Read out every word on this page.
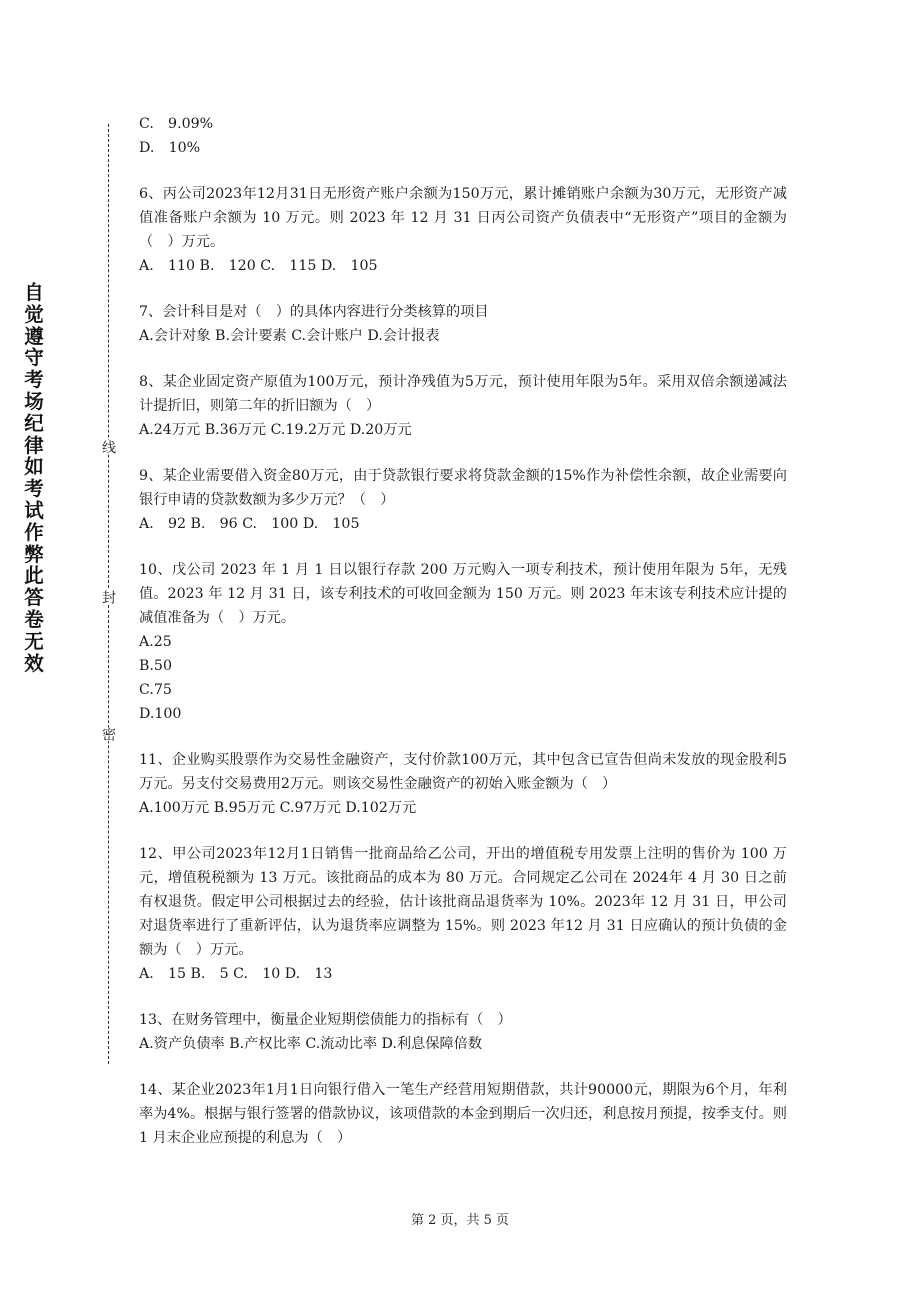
自
觉
遵
守
考
场
纪
律
如
考
试
作
弊
此
答
卷
无
效
线
封
密
C.　9.09%
D.　10%
6、丙公司2023年12月31日无形资产账户余额为150万元，累计摊销账户余额为30万元，无形资产减值准备账户余额为 10 万元。则 2023 年 12 月 31 日丙公司资产负债表中“无形资产”项目的金额为（　）万元。
A.　110 B.　120 C.　115 D.　105
7、会计科目是对（　）的具体内容进行分类核算的项目
A.会计对象 B.会计要素 C.会计账户 D.会计报表
8、某企业固定资产原值为100万元，预计净残值为5万元，预计使用年限为5年。采用双倍余额递减法计提折旧，则第二年的折旧额为（　）
A.24万元 B.36万元 C.19.2万元 D.20万元
9、某企业需要借入资金80万元，由于贷款银行要求将贷款金额的15%作为补偿性余额，故企业需要向银行申请的贷款数额为多少万元？（　）
A.　92 B.　96 C.　100 D.　105
10、戊公司 2023 年 1 月 1 日以银行存款 200 万元购入一项专利技术，预计使用年限为 5年，无残值。2023 年 12 月 31 日，该专利技术的可收回金额为 150 万元。则 2023 年末该专利技术应计提的减值准备为（　）万元。
A.25
B.50
C.75
D.100
11、企业购买股票作为交易性金融资产，支付价款100万元，其中包含已宣告但尚未发放的现金股利5万元。另支付交易费用2万元。则该交易性金融资产的初始入账金额为（　）
A.100万元 B.95万元 C.97万元 D.102万元
12、甲公司2023年12月1日销售一批商品给乙公司，开出的增值税专用发票上注明的售价为 100 万元，增值税税额为 13 万元。该批商品的成本为 80 万元。合同规定乙公司在 2024年 4 月 30 日之前有权退货。假定甲公司根据过去的经验，估计该批商品退货率为 10%。2023年 12 月 31 日，甲公司对退货率进行了重新评估，认为退货率应调整为 15%。则 2023 年12 月 31 日应确认的预计负债的金额为（　）万元。
A.　15 B.　5 C.　10 D.　13
13、在财务管理中，衡量企业短期偿债能力的指标有（　）
A.资产负债率 B.产权比率 C.流动比率 D.利息保障倍数
14、某企业2023年1月1日向银行借入一笔生产经营用短期借款，共计90000元，期限为6个月，年利率为4%。根据与银行签署的借款协议，该项借款的本金到期后一次归还，利息按月预提，按季支付。则 1 月末企业应预提的利息为（　）
第 2 页，共 5 页
